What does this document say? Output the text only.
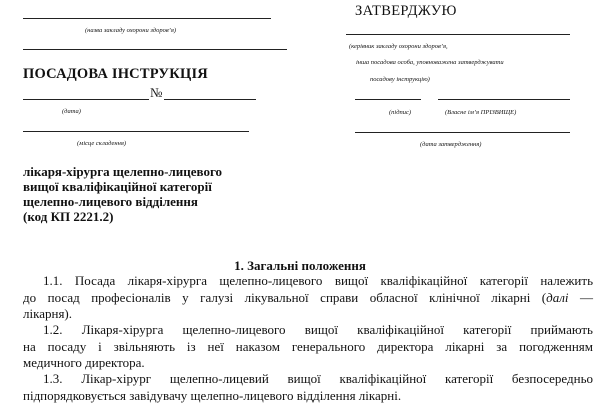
(назва закладу охорони здоров’я)
ПОСАДОВА ІНСТРУКЦІЯ
№
(дата)
(місце складення)
ЗАТВЕРДЖУЮ
(керівник закладу охорони здоров’я,
інша посадова особа, уповноважена затверджувати
посадову інструкцію)
(підпис)	(Власне ім’я ПРІЗВИЩЕ)
(дата затвердження)
лікаря-хірурга щелепно-лицевого
вищої кваліфікаційної категорії
щелепно-лицевого відділення
(код КП 2221.2)
1. Загальні положення
1.1. Посада лікаря-хірурга щелепно-лицевого вищої кваліфікаційної категорії належить
до посад професіоналів у галузі лікувальної справи обласної клінічної лікарні (далі —
лікарня).
1.2. Лікаря-хірурга щелепно-лицевого вищої кваліфікаційної категорії приймають
на посаду і звільняють із неї наказом генерального директора лікарні за погодженням
медичного директора.
1.3. Лікар-хірург щелепно-лицевий вищої кваліфікаційної категорії безпосередньо
підпорядковується завідувачу щелепно-лицевого відділення лікарні.
